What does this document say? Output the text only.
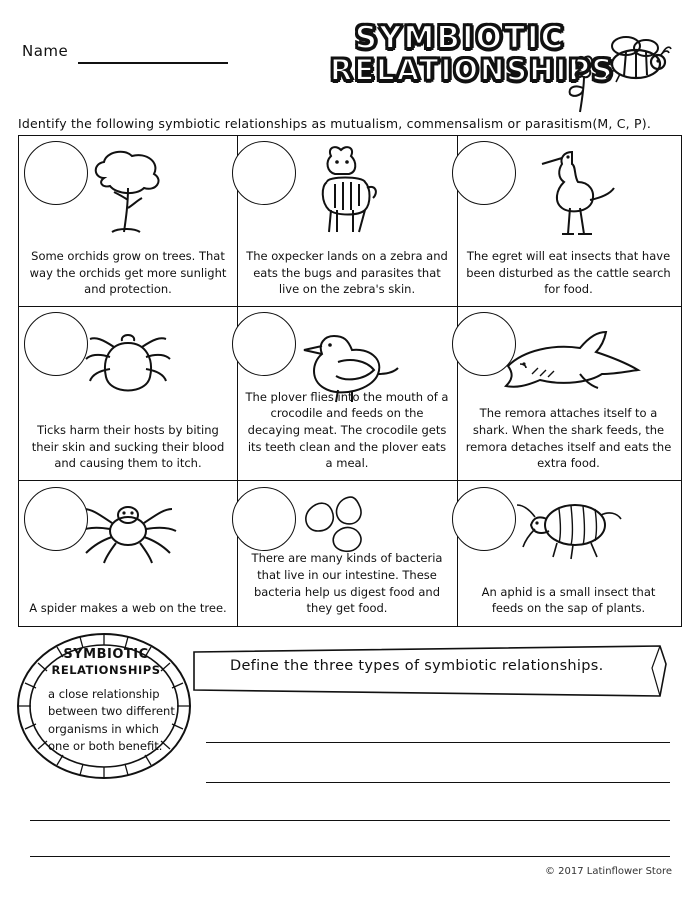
Name	SYMBIOTIC
RELATIONSHIPS
Identify the following symbiotic relationships as mutualism, commensalism or parasitism(M, C, P).
Some orchids grow on trees. That way the orchids get more sunlight and protection.
The oxpecker lands on a zebra and eats the bugs and parasites that live on the zebra's skin.
The egret will eat insects that have been disturbed as the cattle search for food.
Ticks harm their hosts by biting their skin and sucking their blood and causing them to itch.
The plover flies into the mouth of a crocodile and feeds on the decaying meat. The crocodile gets its teeth clean and the plover eats a meal.
The remora attaches itself to a shark. When the shark feeds, the remora detaches itself and eats the extra food.
A spider makes a web on the tree.
There are many kinds of bacteria that live in our intestine. These bacteria help us digest food and they get food.
An aphid is a small insect that feeds on the sap of plants.
Define the three types of symbiotic relationships.
SYMBIOTIC
RELATIONSHIPS
a close relationship between two different organisms in which one or both benefit.
© 2017 Latinflower Store
